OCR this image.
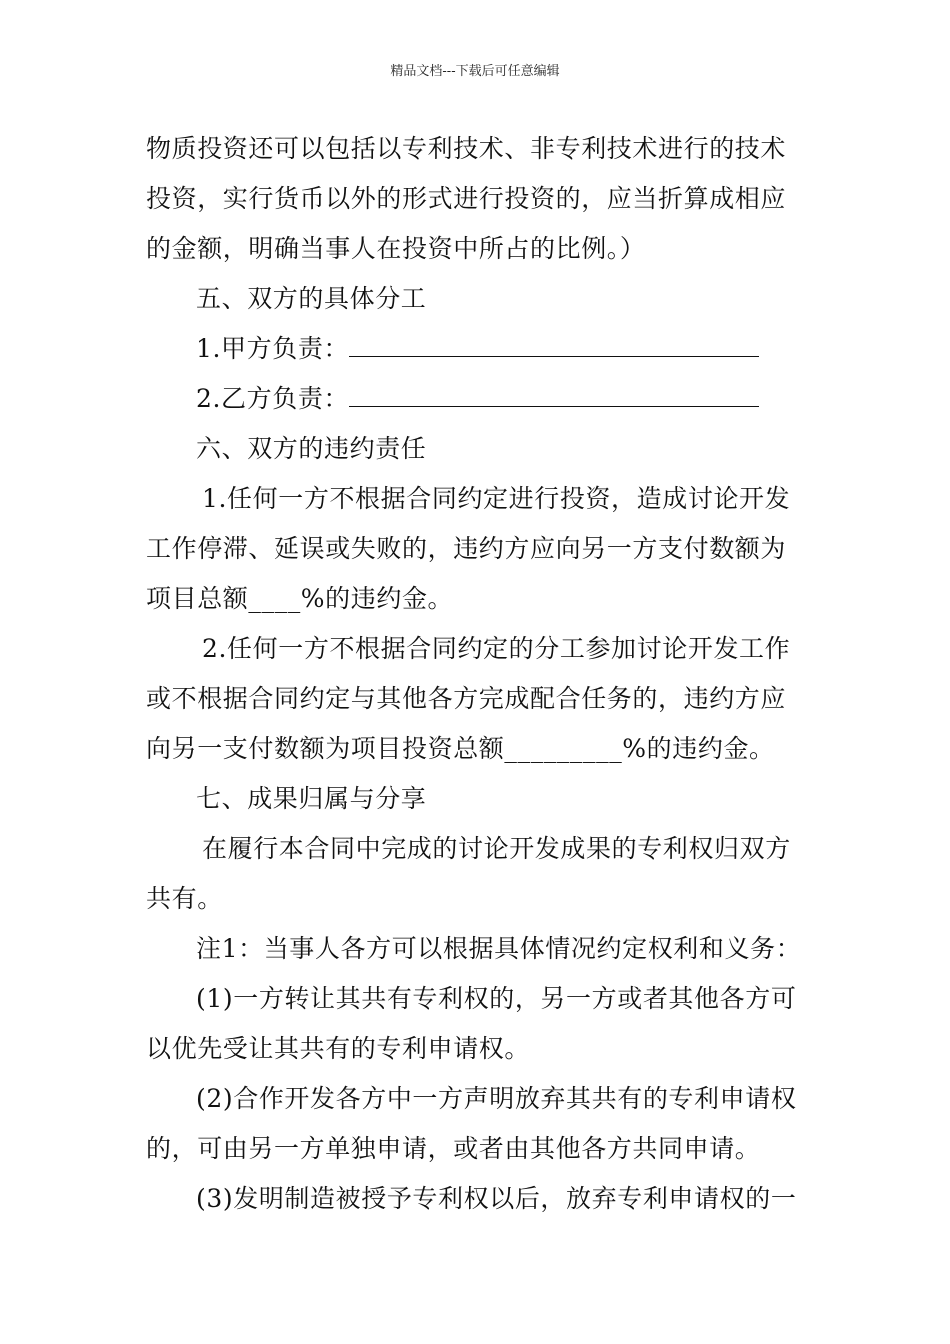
精品文档---下载后可任意编辑

物质投资还可以包括以专利技术、非专利技术进行的技术投资，实行货币以外的形式进行投资的，应当折算成相应的金额，明确当事人在投资中所占的比例。）

五、双方的具体分工

1.甲方负责：

2.乙方负责：

六、双方的违约责任

1.任何一方不根据合同约定进行投资，造成讨论开发工作停滞、延误或失败的，违约方应向另一方支付数额为项目总额____%的违约金。

2.任何一方不根据合同约定的分工参加讨论开发工作或不根据合同约定与其他各方完成配合任务的，违约方应向另一支付数额为项目投资总额_________%的违约金。

七、成果归属与分享

在履行本合同中完成的讨论开发成果的专利权归双方共有。

注1：当事人各方可以根据具体情况约定权利和义务：

(1)一方转让其共有专利权的，另一方或者其他各方可以优先受让其共有的专利申请权。

(2)合作开发各方中一方声明放弃其共有的专利申请权的，可由另一方单独申请，或者由其他各方共同申请。

(3)发明制造被授予专利权以后，放弃专利申请权的一
